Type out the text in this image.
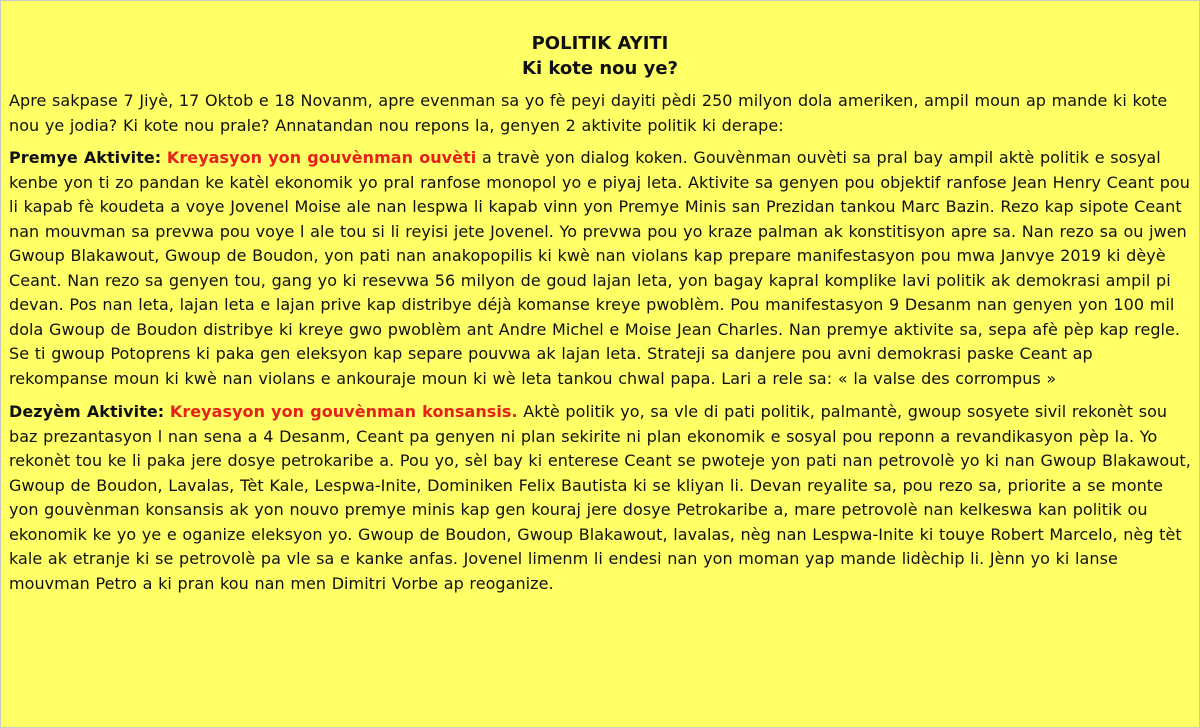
POLITIK AYITI
Ki kote nou ye?

Apre sakpase 7 Jiyè, 17 Oktob e 18 Novanm, apre evenman sa yo fè peyi dayiti pèdi 250 milyon dola ameriken, ampil moun ap mande ki kote nou ye jodia? Ki kote nou prale? Annatandan nou repons la, genyen 2 aktivite politik ki derape:

Premye Aktivite: Kreyasyon yon gouvènman ouvèti a travè yon dialog koken. Gouvènman ouvèti sa pral bay ampil aktè politik e sosyal kenbe yon ti zo pandan ke katèl ekonomik yo pral ranfose monopol yo e piyaj leta. Aktivite sa genyen pou objektif ranfose Jean Henry Ceant pou li kapab fè koudeta a voye Jovenel Moise ale nan lespwa li kapab vinn yon Premye Minis san Prezidan tankou Marc Bazin. Rezo kap sipote Ceant nan mouvman sa prevwa pou voye l ale tou si li reyisi jete Jovenel. Yo prevwa pou yo kraze palman ak konstitisyon apre sa. Nan rezo sa ou jwen Gwoup Blakawout, Gwoup de Boudon, yon pati nan anakopopilis ki kwè nan violans kap prepare manifestasyon pou mwa Janvye 2019 ki dèyè Ceant. Nan rezo sa genyen tou, gang yo ki resevwa 56 milyon de goud lajan leta, yon bagay kapral komplike lavi politik ak demokrasi ampil pi devan. Pos nan leta, lajan leta e lajan prive kap distribye déjà komanse kreye pwoblèm. Pou manifestasyon 9 Desanm nan genyen yon 100 mil dola Gwoup de Boudon distribye ki kreye gwo pwoblèm ant Andre Michel e Moise Jean Charles. Nan premye aktivite sa, sepa afè pèp kap regle. Se ti gwoup Potoprens ki paka gen eleksyon kap separe pouvwa ak lajan leta. Strateji sa danjere pou avni demokrasi paske Ceant ap rekompanse moun ki kwè nan violans e ankouraje moun ki wè leta tankou chwal papa. Lari a rele sa: « la valse des corrompus »

Dezyèm Aktivite: Kreyasyon yon gouvènman konsansis. Aktè politik yo, sa vle di pati politik, palmantè, gwoup sosyete sivil rekonèt sou baz prezantasyon l nan sena a 4 Desanm, Ceant pa genyen ni plan sekirite ni plan ekonomik e sosyal pou reponn a revandikasyon pèp la. Yo rekonèt tou ke li paka jere dosye petrokaribe a. Pou yo, sèl bay ki enterese Ceant se pwoteje yon pati nan petrovolè yo ki nan Gwoup Blakawout, Gwoup de Boudon, Lavalas, Tèt Kale, Lespwa-Inite, Dominiken Felix Bautista ki se kliyan li. Devan reyalite sa, pou rezo sa, priorite a se monte yon gouvènman konsansis ak yon nouvo premye minis kap gen kouraj jere dosye Petrokaribe a, mare petrovolè nan kelkeswa kan politik ou ekonomik ke yo ye e oganize eleksyon yo. Gwoup de Boudon, Gwoup Blakawout, lavalas, nèg nan Lespwa-Inite ki touye Robert Marcelo, nèg tèt kale ak etranje ki se petrovolè pa vle sa e kanke anfas. Jovenel limenm li endesi nan yon moman yap mande lidèchip li. Jènn yo ki lanse mouvman Petro a ki pran kou nan men Dimitri Vorbe ap reoganize.
